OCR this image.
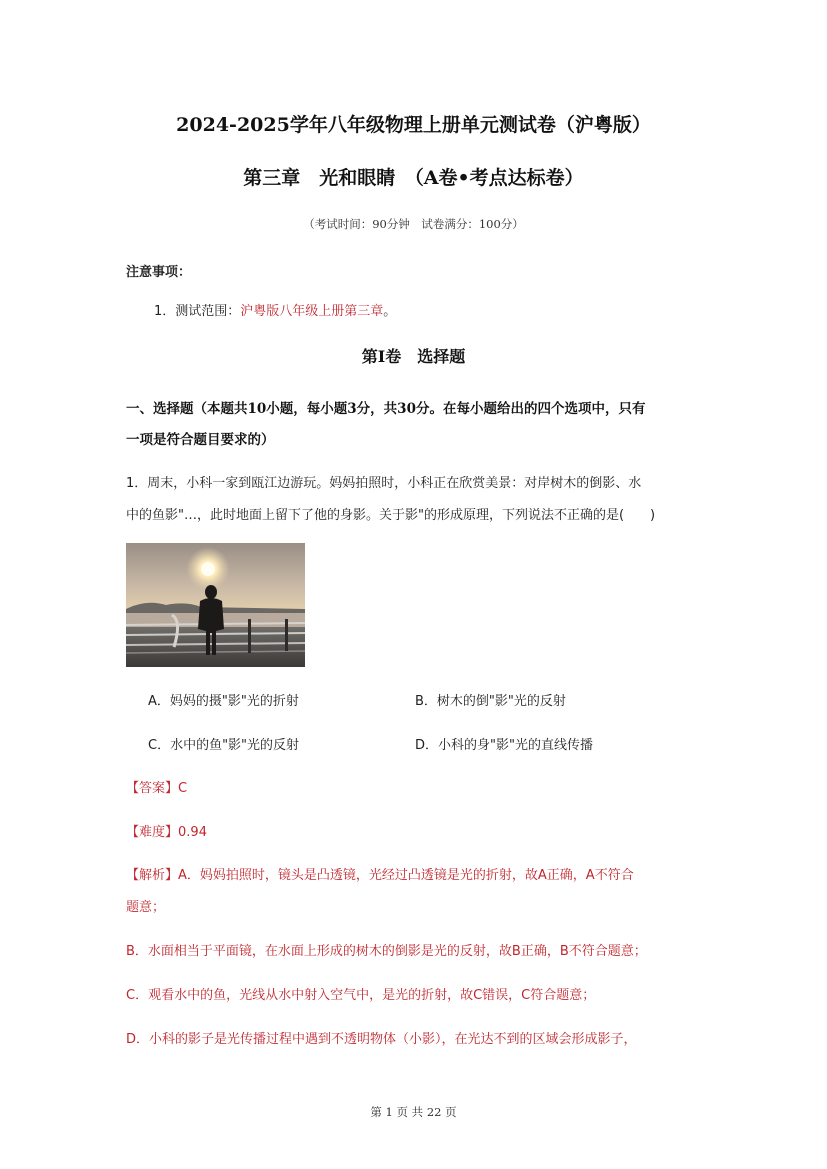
2024-2025学年八年级物理上册单元测试卷（沪粤版）
第三章　光和眼睛　（A卷•考点达标卷）
（考试时间：90分钟　试卷满分：100分）
注意事项：
1．测试范围：沪粤版八年级上册第三章。
第Ⅰ卷　选择题
一、选择题（本题共10小题，每小题3分，共30分。在每小题给出的四个选项中，只有
一项是符合题目要求的）
1．周末，小科一家到瓯江边游玩。妈妈拍照时，小科正在欣赏美景：对岸树木的倒影、水
中的鱼影"…，此时地面上留下了他的身影。关于影"的形成原理，下列说法不正确的是(　　)
A．妈妈的摄"影"光的折射	B．树木的倒"影"光的反射
C．水中的鱼"影"光的反射	D．小科的身"影"光的直线传播
【答案】C
【难度】0.94
【解析】A．妈妈拍照时，镜头是凸透镜，光经过凸透镜是光的折射，故A正确，A不符合
题意；
B．水面相当于平面镜，在水面上形成的树木的倒影是光的反射，故B正确，B不符合题意；
C．观看水中的鱼，光线从水中射入空气中，是光的折射，故C错误，C符合题意；
D．小科的影子是光传播过程中遇到不透明物体（小影），在光达不到的区域会形成影子，
第 1 页 共 22 页
